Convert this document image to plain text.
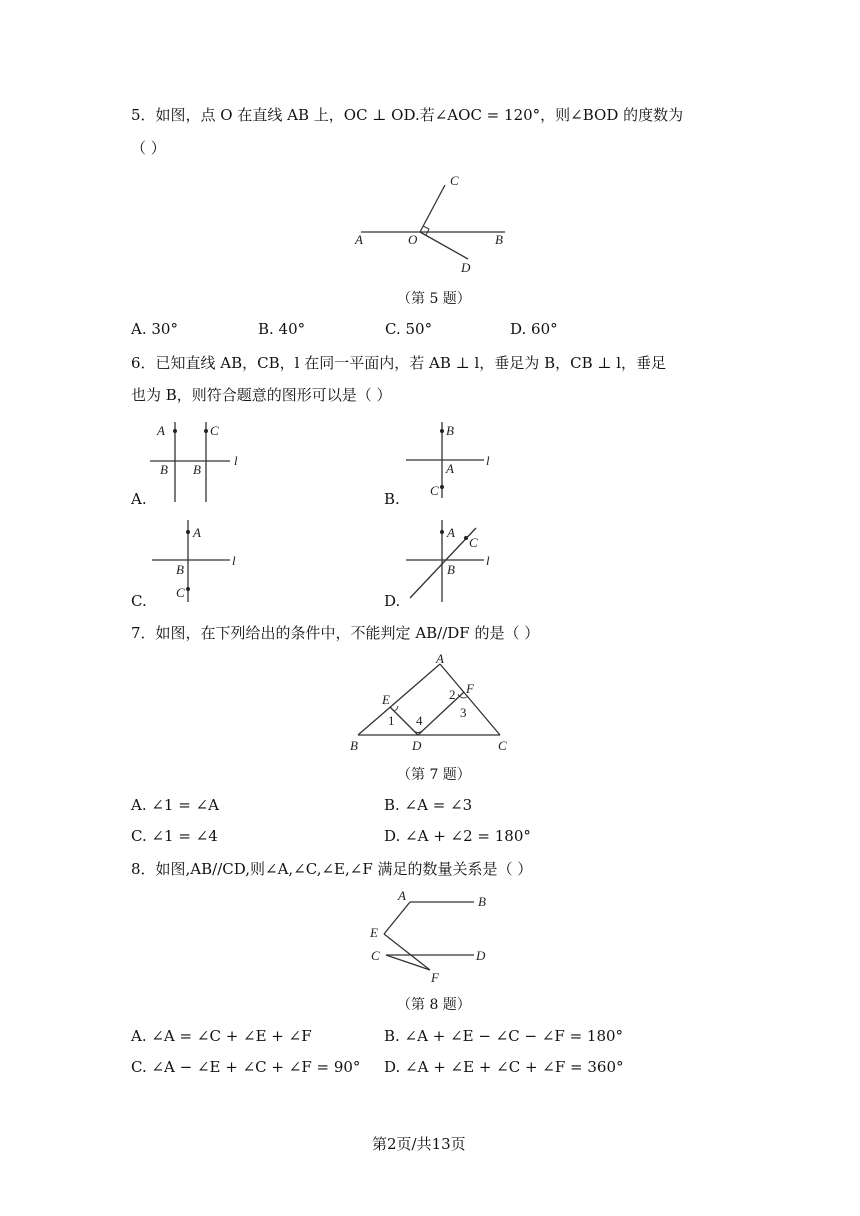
5．如图，点 O 在直线 AB 上，OC ⊥ OD.若∠AOC = 120°，则∠BOD 的度数为
（ ）
A	O	B
C
D
（第 5 题）
A. 30°	B. 40°	C. 50°	D. 60°
6．已知直线 AB，CB，l 在同一平面内，若 AB ⊥ l，垂足为 B，CB ⊥ l，垂足
也为 B，则符合题意的图形可以是（ ）
A	C
B B
l
A.
B
A
C
l
B.
A
B
C
l
C.
A
C
B
l
D.
7．如图，在下列给出的条件中，不能判定 AB//DF 的是（ ）
A
B	C
D
E
F
1
2
3
4
（第 7 题）
A. ∠1 = ∠A	B. ∠A = ∠3
C. ∠1 = ∠4	D. ∠A + ∠2 = 180°
8．如图,AB//CD,则∠A,∠C,∠E,∠F 满足的数量关系是（ ）
A	B
E
C	D
F
（第 8 题）
A. ∠A = ∠C + ∠E + ∠F	B. ∠A + ∠E − ∠C − ∠F = 180°
C. ∠A − ∠E + ∠C + ∠F = 90° D. ∠A + ∠E + ∠C + ∠F = 360°
第2页/共13页
